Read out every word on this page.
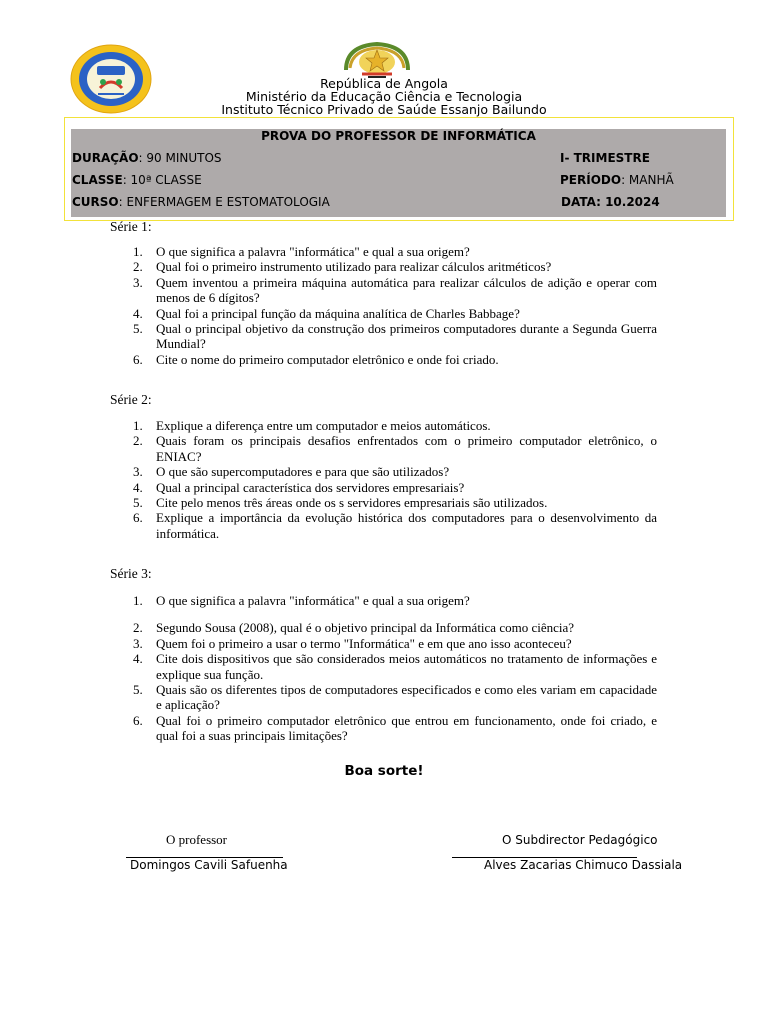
República de Angola
Ministério da Educação Ciência e Tecnologia
Instituto Técnico Privado de Saúde Essanjo Bailundo
PROVA DO PROFESSOR DE INFORMÁTICA
DURAÇÃO: 90 MINUTOS	I- TRIMESTRE
CLASSE: 10ª CLASSE	PERÍODO: MANHÃ
CURSO: ENFERMAGEM E ESTOMATOLOGIA	DATA: 10.2024
Série 1:
1. O que significa a palavra "informática" e qual a sua origem?
2. Qual foi o primeiro instrumento utilizado para realizar cálculos aritméticos?
3. Quem inventou a primeira máquina automática para realizar cálculos de adição e operar com menos de 6 dígitos?
4. Qual foi a principal função da máquina analítica de Charles Babbage?
5. Qual o principal objetivo da construção dos primeiros computadores durante a Segunda Guerra Mundial?
6. Cite o nome do primeiro computador eletrônico e onde foi criado.
Série 2:
1. Explique a diferença entre um computador e meios automáticos.
2. Quais foram os principais desafios enfrentados com o primeiro computador eletrônico, o ENIAC?
3. O que são supercomputadores e para que são utilizados?
4. Qual a principal característica dos servidores empresariais?
5. Cite pelo menos três áreas onde os s servidores empresariais são utilizados.
6. Explique a importância da evolução histórica dos computadores para o desenvolvimento da informática.
Série 3:
1. O que significa a palavra "informática" e qual a sua origem?
2. Segundo Sousa (2008), qual é o objetivo principal da Informática como ciência?
3. Quem foi o primeiro a usar o termo "Informática" e em que ano isso aconteceu?
4. Cite dois dispositivos que são considerados meios automáticos no tratamento de informações e explique sua função.
5. Quais são os diferentes tipos de computadores especificados e como eles variam em capacidade e aplicação?
6. Qual foi o primeiro computador eletrônico que entrou em funcionamento, onde foi criado, e qual foi a suas principais limitações?
Boa sorte!
O professor
Domingos Cavili Safuenha
O Subdirector Pedagógico
Alves Zacarias Chimuco Dassiala
